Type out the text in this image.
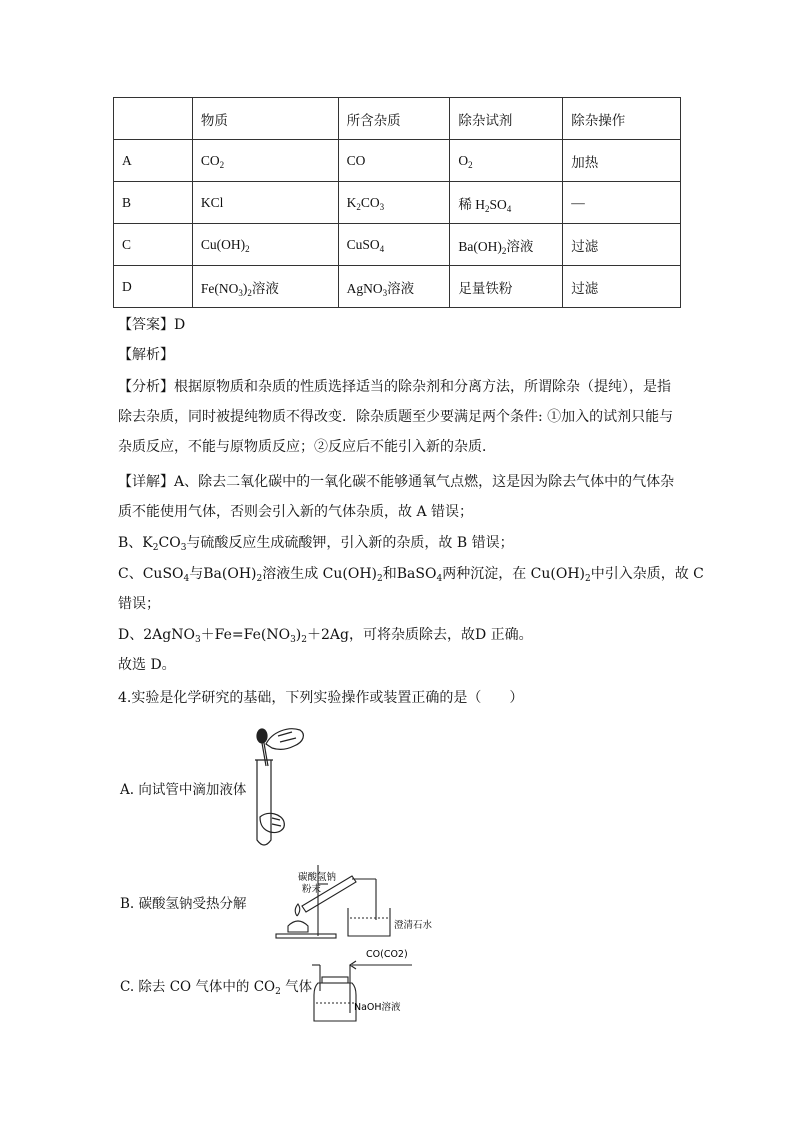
	物质	所含杂质	除杂试剂	除杂操作
A	$CO_2$	CO	$O_2$	加热
B	KCl	$K_2CO_3$	稀 $H_2SO_4$	—
C	$Cu(OH)_2$	CuSO$_4$	$Ba(OH)_2$溶液	过滤
D	$Fe(NO_3)_2$溶液	AgNO$_3$溶液	足量铁粉	过滤
【答案】D
【解析】
【分析】根据原物质和杂质的性质选择适当的除杂剂和分离方法，所谓除杂（提纯），是指
除去杂质，同时被提纯物质不得改变．除杂质题至少要满足两个条件: ①加入的试剂只能与
杂质反应，不能与原物质反应；②反应后不能引入新的杂质．
【详解】A、除去二氧化碳中的一氧化碳不能够通氧气点燃，这是因为除去气体中的气体杂
质不能使用气体，否则会引入新的气体杂质，故 A 错误；
B、$K_2CO_3$与硫酸反应生成硫酸钾，引入新的杂质，故 B 错误；
C、CuSO$_4$与$Ba(OH)_2$溶液生成 $Cu(OH)_2$和BaSO$_4$两种沉淀，在 $Cu(OH)_2$中引入杂质，故 C
错误；
D、$2AgNO_3+Fe=Fe(NO_3)_2+2Ag$，可将杂质除去，故D 正确。
故选 D。
4.实验是化学研究的基础，下列实验操作或装置正确的是（　　）
A. 向试管中滴加液体
B. 碳酸氢钠受热分解
C. 除去 CO 气体中的 $CO_2$ 气体
碳酸氢钠
粉末
澄清石水
CO(CO2)
NaOH溶液
